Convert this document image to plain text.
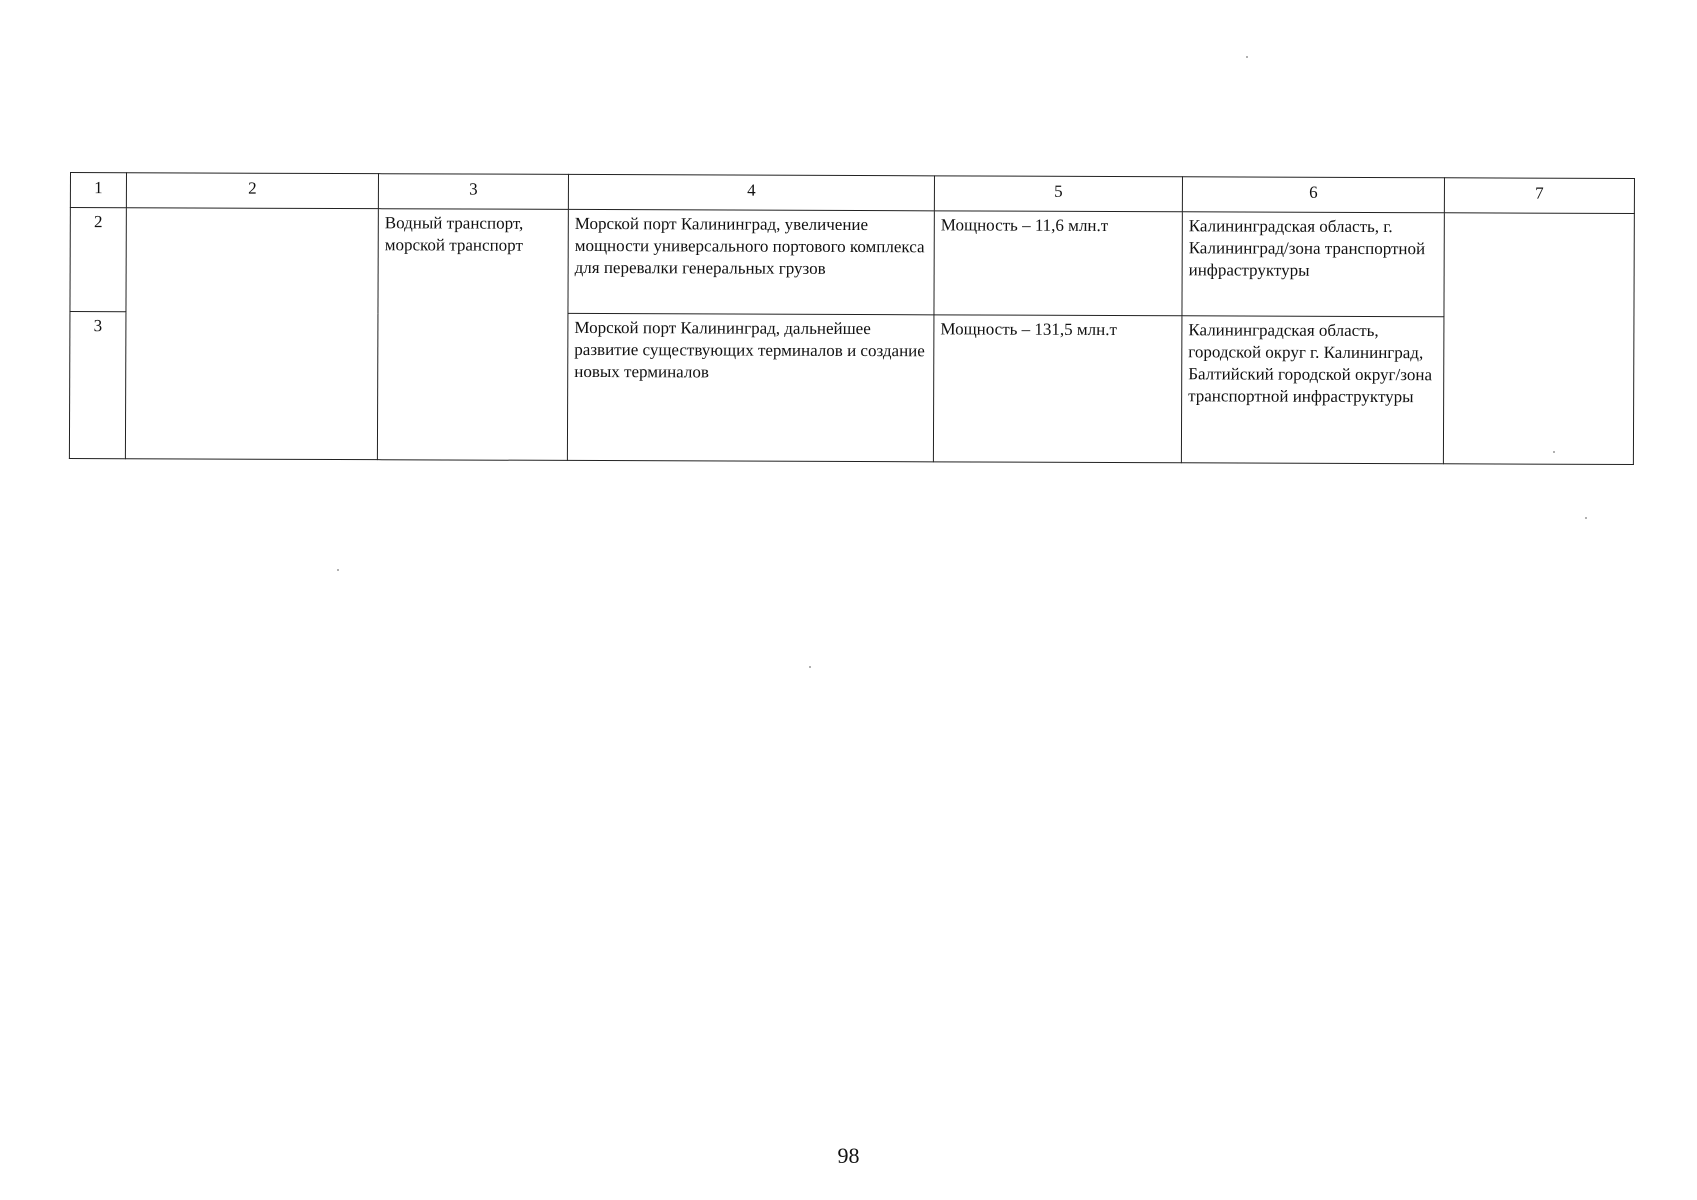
1	2	3	4	5	6	7
2		Водный транспорт, морской транспорт	Морской порт Калининград, увеличение мощности универсального портового комплекса для перевалки генеральных грузов	Мощность – 11,6 млн.т	Калининградская область, г. Калининград/зона транспортной инфраструктуры	
3			Морской порт Калининград, дальнейшее развитие существующих терминалов и создание новых терминалов	Мощность – 131,5 млн.т	Калининградская область, городской округ г. Калининград, Балтийский городской округ/зона транспортной инфраструктуры	
98
